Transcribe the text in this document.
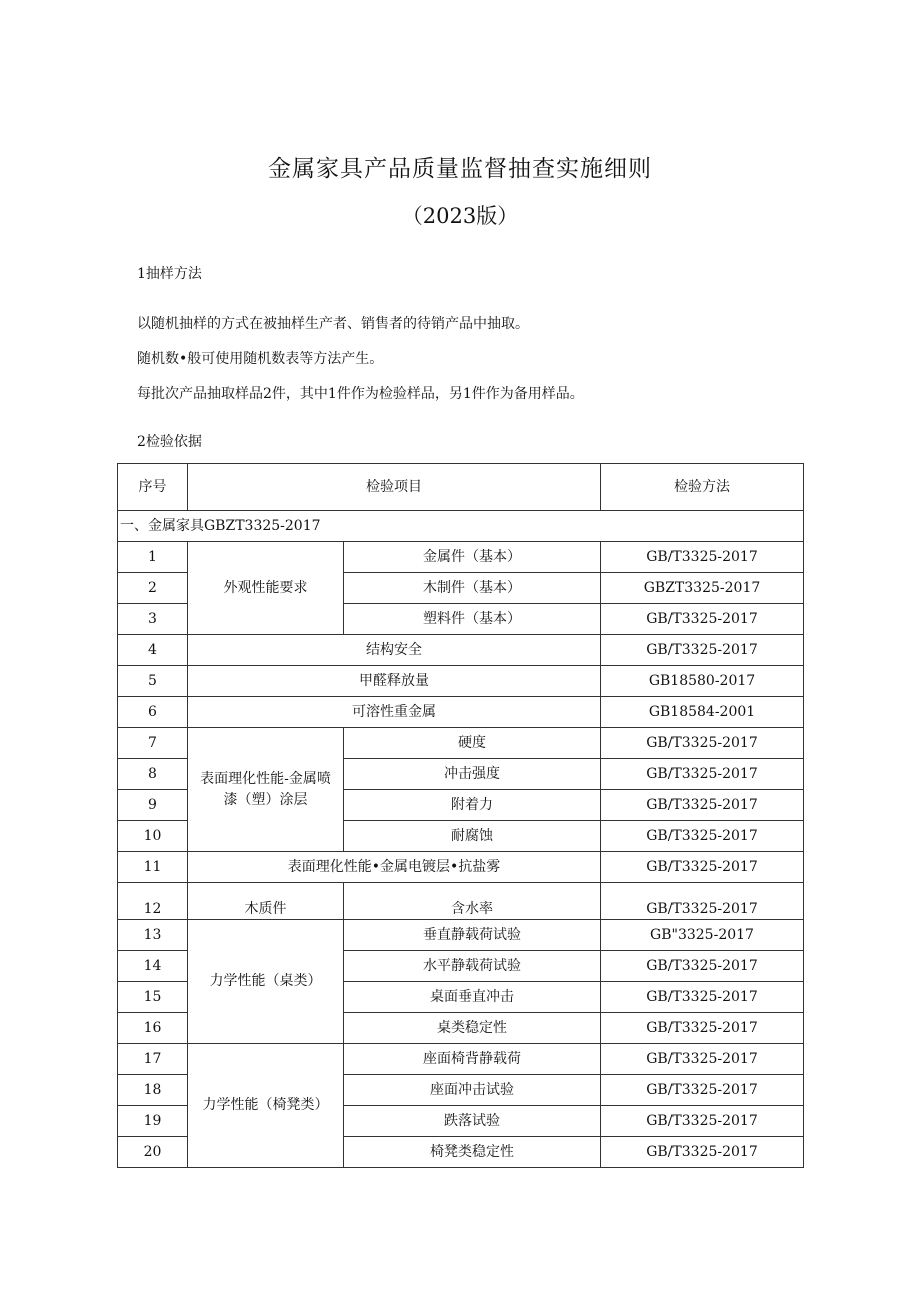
金属家具产品质量监督抽查实施细则
（2023版）
1抽样方法
以随机抽样的方式在被抽样生产者、销售者的待销产品中抽取。
随机数•般可使用随机数表等方法产生。
每批次产品抽取样品2件，其中1件作为检验样品，另1件作为备用样品。
2检验依据
序号	检验项目		检验方法
一、金属家具GBZT3325-2017			
1	外观性能要求	金属件（基本）	GB/T3325-2017
2		木制件（基本）	GBZT3325-2017
3		塑料件（基本）	GB/T3325-2017
4	结构安全		GB/T3325-2017
5	甲醛释放量		GB18580-2017
6	可溶性重金属		GB18584-2001
7	表面理化性能-金属喷漆（塑）涂层	硬度	GB/T3325-2017
8		冲击强度	GB/T3325-2017
9		附着力	GB/T3325-2017
10		耐腐蚀	GB/T3325-2017
11	表面理化性能•金属电镀层•抗盐雾		GB/T3325-2017
12	木质件	含水率	GB/T3325-2017
13	力学性能（桌类）	垂直静载荷试验	GB"3325-2017
14		水平静载荷试验	GB/T3325-2017
15		桌面垂直冲击	GB/T3325-2017
16		桌类稳定性	GB/T3325-2017
17	力学性能（椅凳类）	座面椅背静载荷	GB/T3325-2017
18		座面冲击试验	GB/T3325-2017
19		跌落试验	GB/T3325-2017
20		椅凳类稳定性	GB/T3325-2017
